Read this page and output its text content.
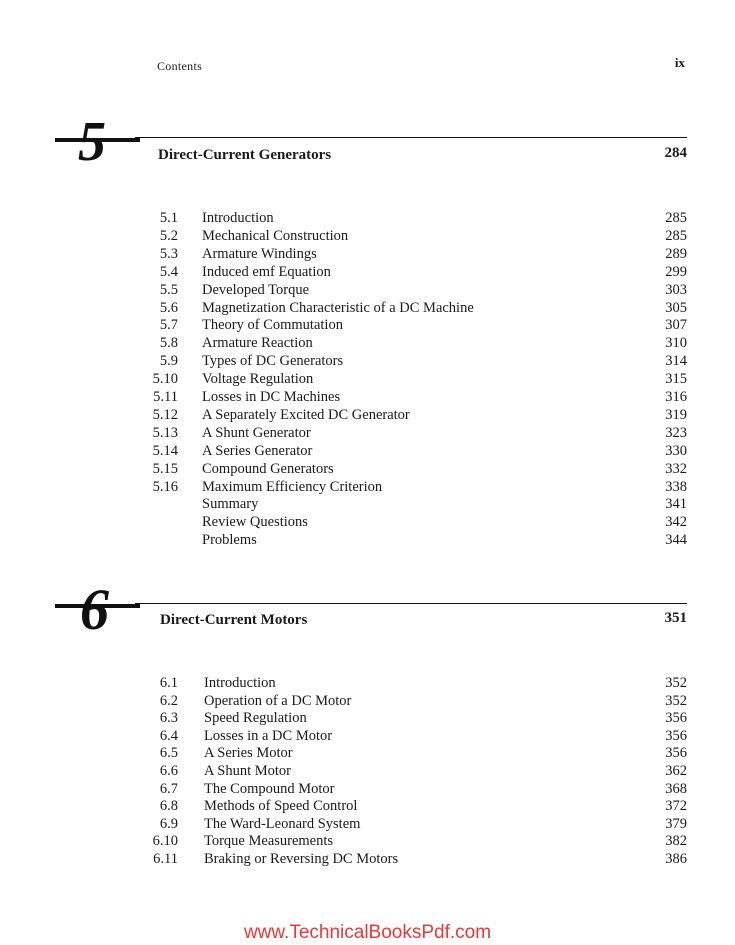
Contents	ix
5	Direct-Current Generators	284
5.1 Introduction	285
5.2 Mechanical Construction	285
5.3 Armature Windings	289
5.4 Induced emf Equation	299
5.5 Developed Torque	303
5.6 Magnetization Characteristic of a DC Machine	305
5.7 Theory of Commutation	307
5.8 Armature Reaction	310
5.9 Types of DC Generators	314
5.10 Voltage Regulation	315
5.11 Losses in DC Machines	316
5.12 A Separately Excited DC Generator	319
5.13 A Shunt Generator	323
5.14 A Series Generator	330
5.15 Compound Generators	332
5.16 Maximum Efficiency Criterion	338
Summary	341
Review Questions	342
Problems	344
6	Direct-Current Motors	351
6.1 Introduction	352
6.2 Operation of a DC Motor	352
6.3 Speed Regulation	356
6.4 Losses in a DC Motor	356
6.5 A Series Motor	356
6.6 A Shunt Motor	362
6.7 The Compound Motor	368
6.8 Methods of Speed Control	372
6.9 The Ward-Leonard System	379
6.10 Torque Measurements	382
6.11 Braking or Reversing DC Motors	386
www.TechnicalBooksPdf.com
